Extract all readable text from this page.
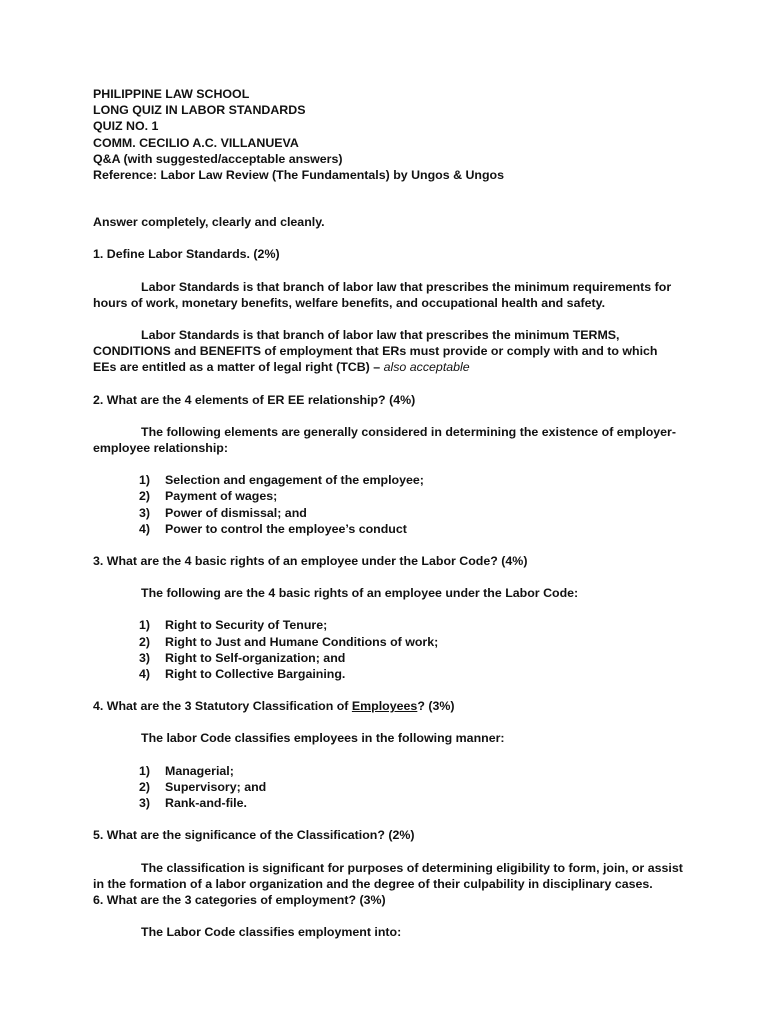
PHILIPPINE LAW SCHOOL
LONG QUIZ IN LABOR STANDARDS
QUIZ NO. 1
COMM. CECILIO A.C. VILLANUEVA
Q&A (with suggested/acceptable answers)
Reference: Labor Law Review (The Fundamentals) by Ungos & Ungos
Answer completely, clearly and cleanly.
1. Define Labor Standards. (2%)
Labor Standards is that branch of labor law that prescribes the minimum requirements for hours of work, monetary benefits, welfare benefits, and occupational health and safety.
Labor Standards is that branch of labor law that prescribes the minimum TERMS, CONDITIONS and BENEFITS of employment that ERs must provide or comply with and to which EEs are entitled as a matter of legal right (TCB) – also acceptable
2. What are the 4 elements of ER EE relationship? (4%)
The following elements are generally considered in determining the existence of employer-employee relationship:
1)	Selection and engagement of the employee;
2)	Payment of wages;
3)	Power of dismissal; and
4)	Power to control the employee’s conduct
3. What are the 4 basic rights of an employee under the Labor Code? (4%)
The following are the 4 basic rights of an employee under the Labor Code:
1)	Right to Security of Tenure;
2)	Right to Just and Humane Conditions of work;
3)	Right to Self-organization; and
4)	Right to Collective Bargaining.
4. What are the 3 Statutory Classification of Employees? (3%)
The labor Code classifies employees in the following manner:
1)	Managerial;
2)	Supervisory; and
3)	Rank-and-file.
5. What are the significance of the Classification? (2%)
The classification is significant for purposes of determining eligibility to form, join, or assist in the formation of a labor organization and the degree of their culpability in disciplinary cases.
6. What are the 3 categories of employment? (3%)
The Labor Code classifies employment into:
